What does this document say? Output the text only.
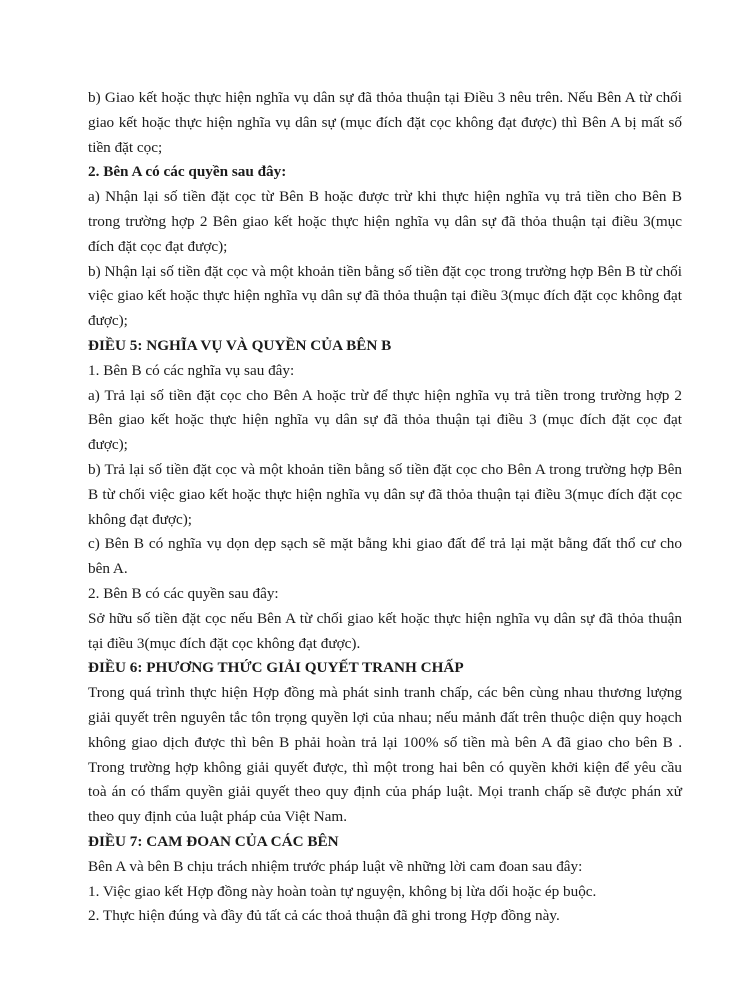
b) Giao kết hoặc thực hiện nghĩa vụ dân sự đã thỏa thuận tại Điều 3 nêu trên. Nếu Bên A từ chối giao kết hoặc thực hiện nghĩa vụ dân sự (mục đích đặt cọc không đạt được) thì Bên A bị mất số tiền đặt cọc;

2. Bên A có các quyền sau đây:

a) Nhận lại số tiền đặt cọc từ Bên B hoặc được trừ khi thực hiện nghĩa vụ trả tiền cho Bên B trong trường hợp 2 Bên giao kết hoặc thực hiện nghĩa vụ dân sự đã thỏa thuận tại điều 3(mục đích đặt cọc đạt được);

b) Nhận lại số tiền đặt cọc và một khoản tiền bằng số tiền đặt cọc trong trường hợp Bên B từ chối việc giao kết hoặc thực hiện nghĩa vụ dân sự đã thỏa thuận tại điều 3(mục đích đặt cọc không đạt được);

ĐIỀU 5: NGHĨA VỤ VÀ QUYỀN CỦA BÊN B

1. Bên B có các nghĩa vụ sau đây:

a) Trả lại số tiền đặt cọc cho Bên A hoặc trừ để thực hiện nghĩa vụ trả tiền trong trường hợp 2 Bên giao kết hoặc thực hiện nghĩa vụ dân sự đã thỏa thuận tại điều 3 (mục đích đặt cọc đạt được);

b) Trả lại số tiền đặt cọc và một khoản tiền bằng số tiền đặt cọc cho Bên A trong trường hợp Bên B từ chối việc giao kết hoặc thực hiện nghĩa vụ dân sự đã thỏa thuận tại điều 3(mục đích đặt cọc không đạt được);

c) Bên B có nghĩa vụ dọn dẹp sạch sẽ mặt bằng khi giao đất để trả lại mặt bằng đất thổ cư cho bên A.

2. Bên B có các quyền sau đây:

Sở hữu số tiền đặt cọc nếu Bên A từ chối giao kết hoặc thực hiện nghĩa vụ dân sự đã thỏa thuận tại điều 3(mục đích đặt cọc không đạt được).

ĐIỀU 6: PHƯƠNG THỨC GIẢI QUYẾT TRANH CHẤP

Trong quá trình thực hiện Hợp đồng mà phát sinh tranh chấp, các bên cùng nhau thương lượng giải quyết trên nguyên tắc tôn trọng quyền lợi của nhau; nếu mảnh đất trên thuộc diện quy hoạch không giao dịch được thì bên B phải hoàn trả lại 100% số tiền mà bên A đã giao cho bên B . Trong trường hợp không giải quyết được, thì một trong hai bên có quyền khởi kiện để yêu cầu toà án có thẩm quyền giải quyết theo quy định của pháp luật. Mọi tranh chấp sẽ được phán xử theo quy định của luật pháp của Việt Nam.

ĐIỀU 7: CAM ĐOAN CỦA CÁC BÊN

Bên A và bên B chịu trách nhiệm trước pháp luật về những lời cam đoan sau đây:

1. Việc giao kết Hợp đồng này hoàn toàn tự nguyện, không bị lừa dối hoặc ép buộc.

2. Thực hiện đúng và đầy đủ tất cả các thoả thuận đã ghi trong Hợp đồng này.
